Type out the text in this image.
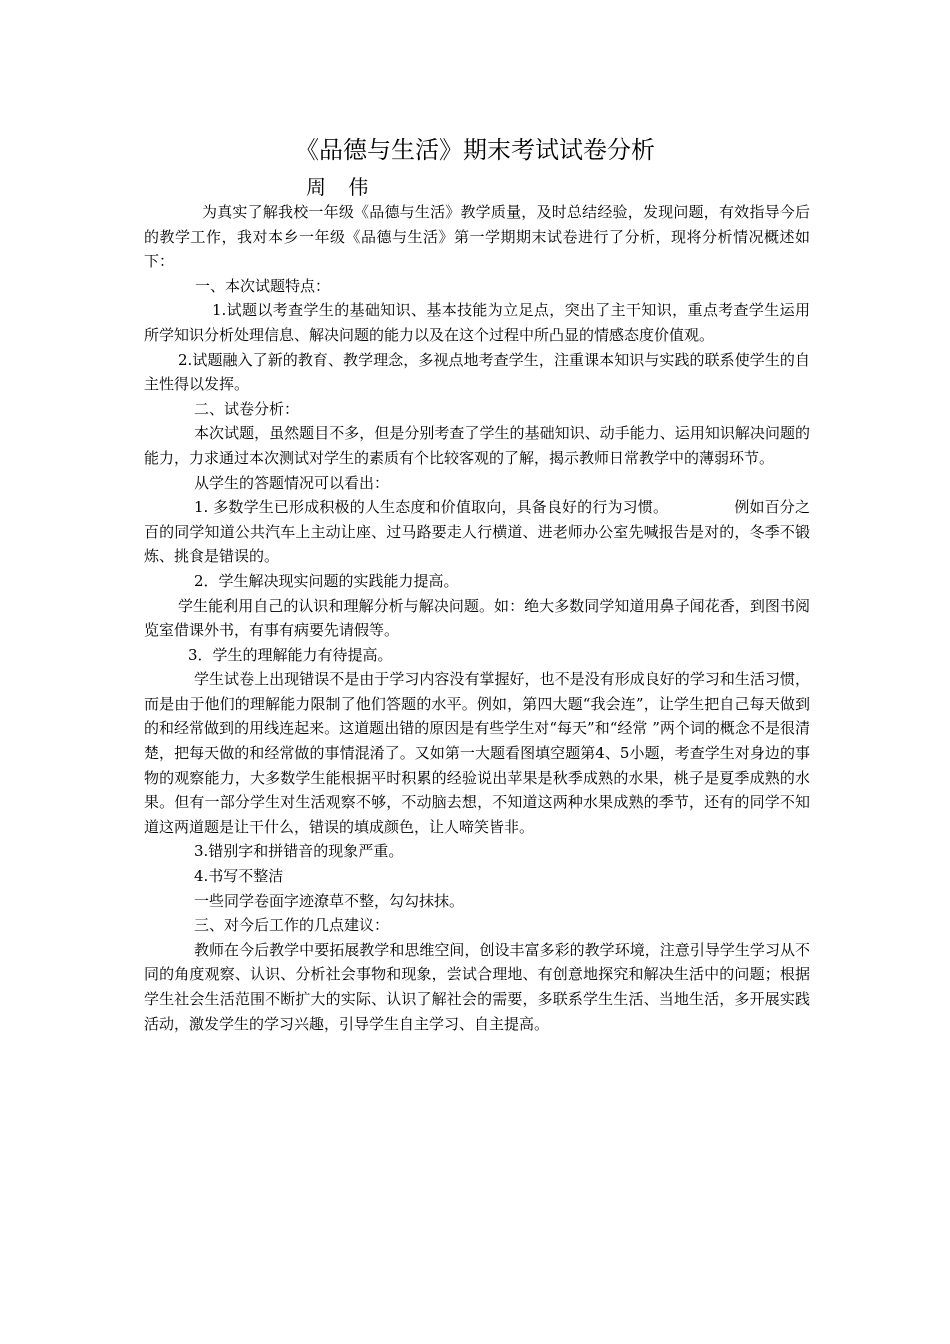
《品德与生活》期末考试试卷分析
周 伟

为真实了解我校一年级《品德与生活》教学质量，及时总结经验，发现问题，有效指导今后的教学工作，我对本乡一年级《品德与生活》第一学期期末试卷进行了分析，现将分析情况概述如下：

一、本次试题特点：

1.试题以考查学生的基础知识、基本技能为立足点，突出了主干知识，重点考查学生运用所学知识分析处理信息、解决问题的能力以及在这个过程中所凸显的情感态度价值观。

2.试题融入了新的教育、教学理念，多视点地考查学生，注重课本知识与实践的联系使学生的自主性得以发挥。

二、试卷分析：

本次试题，虽然题目不多，但是分别考查了学生的基础知识、动手能力、运用知识解决问题的能力，力求通过本次测试对学生的素质有个比较客观的了解，揭示教师日常教学中的薄弱环节。

从学生的答题情况可以看出：

1. 多数学生已形成积极的人生态度和价值取向，具备良好的行为习惯。	例如百分之百的同学知道公共汽车上主动让座、过马路要走人行横道、进老师办公室先喊报告是对的，冬季不锻炼、挑食是错误的。

2．学生解决现实问题的实践能力提高。

学生能利用自己的认识和理解分析与解决问题。如：绝大多数同学知道用鼻子闻花香，到图书阅览室借课外书，有事有病要先请假等。

3．学生的理解能力有待提高。

学生试卷上出现错误不是由于学习内容没有掌握好，也不是没有形成良好的学习和生活习惯，而是由于他们的理解能力限制了他们答题的水平。例如，第四大题“我会连”，让学生把自己每天做到的和经常做到的用线连起来。这道题出错的原因是有些学生对“每天”和“经常 ”两个词的概念不是很清楚，把每天做的和经常做的事情混淆了。又如第一大题看图填空题第4、5小题，考查学生对身边的事物的观察能力，大多数学生能根据平时积累的经验说出苹果是秋季成熟的水果，桃子是夏季成熟的水果。但有一部分学生对生活观察不够，不动脑去想，不知道这两种水果成熟的季节，还有的同学不知道这两道题是让干什么，错误的填成颜色，让人啼笑皆非。

3.错别字和拼错音的现象严重。

4.书写不整洁

一些同学卷面字迹潦草不整，勾勾抹抹。

三、对今后工作的几点建议：

教师在今后教学中要拓展教学和思维空间，创设丰富多彩的教学环境，注意引导学生学习从不同的角度观察、认识、分析社会事物和现象，尝试合理地、有创意地探究和解决生活中的问题；根据学生社会生活范围不断扩大的实际、认识了解社会的需要，多联系学生生活、当地生活，多开展实践活动，激发学生的学习兴趣，引导学生自主学习、自主提高。
